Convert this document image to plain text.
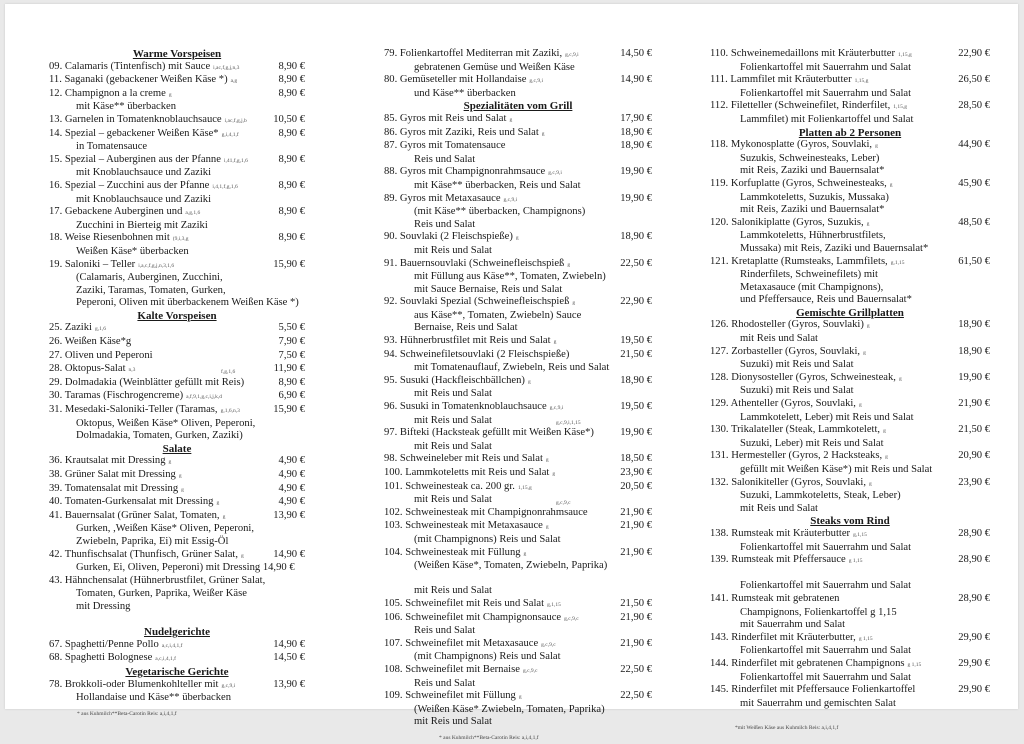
Warme Vorspeisen
09. Calamaris (Tintenfisch) mit Sauce i,ac,f,g,j,n,3	8,90 €
11. Saganaki (gebackener Weißen Käse *) a,g	8,90 €
12. Champignon a la creme g	8,90 €
mit Käse** überbacken
13. Garnelen in Tomatenknoblauchsauce i,ac,f,g,j,b 10,50 €
14. Spezial – gebackener Weißen Käse* g,i,4,1,f	8,90 €
in Tomatensauce
15. Spezial – Auberginen aus der Pfanne i,41,f,g,1,6	8,90 €
mit Knoblauchsauce und Zaziki
16. Spezial – Zucchini aus der Pfanne i,4,1,f,g,1,6	8,90 €
mit Knoblauchsauce und Zaziki
17. Gebackene Auberginen und a,g,1,6	8,90 €
Zucchini in Bierteig mit Zaziki
18. Weise Riesenbohnen mit (9,i,3,g	8,90 €
Weißen Käse* überbacken
19. Saloniki – Teller i,a,c,f,g,j,n,3,1,6	15,90 €
(Calamaris, Auberginen, Zucchini,
Zaziki, Taramas, Tomaten, Gurken,
Peperoni, Oliven mit überbackenem Weißen Käse *)
Kalte Vorspeisen
25. Zaziki g,1,6	5,50 €
26. Weißen Käse*g	7,90 €
27. Oliven und Peperoni	7,50 €
28. Oktopus-Salat n,3	11,90 €
f,g,1,6
29. Dolmadakia (Weinblätter gefüllt mit Reis)	8,90 €
30. Taramas (Fischrogencreme) a,f,9,1,g,c,i,j,k,d	6,90 €
31. Mesedaki-Saloniki-Teller (Taramas, g,1,6,n,3	15,90 €
Oktopus, Weißen Käse* Oliven, Peperoni,
Dolmadakia, Tomaten, Gurken, Zaziki)
Salate
36. Krautsalat mit Dressing g	4,90 €
38. Grüner Salat mit Dressing g	4,90 €
39. Tomatensalat mit Dressing g	4,90 €
40. Tomaten-Gurkensalat mit Dressing g	4,90 €
41. Bauernsalat (Grüner Salat, Tomaten, g	13,90 €
Gurken, ,Weißen Käse* Oliven, Peperoni,
Zwiebeln, Paprika, Ei) mit Essig-Öl
42. Thunfischsalat (Thunfisch, Grüner Salat, g	14,90 €
Gurken, Ei, Oliven, Peperoni) mit Dressing 14,90 €
43. Hähnchensalat (Hühnerbrustfilet, Grüner Salat,
Tomaten, Gurken, Paprika, Weißer Käse
mit Dressing
Nudelgerichte
67. Spaghetti/Penne Pollo a,c,i,4,1,f	14,90 €
68. Spaghetti Bolognese a,c,i,4,1,f	14,50 €
Vegetarische Gerichte
78. Brokkoli-oder Blumenkohlteller mit g,c,9,i	13,90 €
Hollandaise und Käse** überbacken
* aus Kuhmilch**Beta-Carotin Reis: a,i,4,1,f
79. Folienkartoffel Mediterran mit Zaziki, g,c,9,i	14,50 €
gebratenen Gemüse und Weißen Käse
80. Gemüseteller mit Hollandaise g,c,9,i	14,90 €
und Käse** überbacken
Spezialitäten vom Grill
85. Gyros mit Reis und Salat g	17,90 €
86. Gyros mit Zaziki, Reis und Salat g	18,90 €
87. Gyros mit Tomatensauce	18,90 €
Reis und Salat
88. Gyros mit Champignonrahmsauce g,c,9,i	19,90 €
mit Käse** überbacken, Reis und Salat
89. Gyros mit Metaxasauce g,c,9,i	19,90 €
(mit Käse** überbacken, Champignons)
Reis und Salat
90. Souvlaki (2 Fleischspieße) g	18,90 €
mit Reis und Salat
91. Bauernsouvlaki (Schweinefleischspieß g	22,50 €
mit Füllung aus Käse**, Tomaten, Zwiebeln)
mit Sauce Bernaise, Reis und Salat
92. Souvlaki Spezial (Schweinefleischspieß g	22,90 €
aus Käse**, Tomaten, Zwiebeln) Sauce
Bernaise, Reis und Salat
93. Hühnerbrustfilet mit Reis und Salat g	19,50 €
94. Schweinefiletsouvlaki (2 Fleischspieße)	21,50 €
mit Tomatenauflauf, Zwiebeln, Reis und Salat
95. Susuki (Hackfleischbällchen) g	18,90 €
mit Reis und Salat
96. Susuki in Tomatenknoblauchsauce g,c,9,i	19,50 €
mit Reis und Salat	g,c,9,i,1,15
97. Bifteki (Hacksteak gefüllt mit Weißen Käse*) 19,90 €
mit Reis und Salat
98. Schweineleber mit Reis und Salat g	18,50 €
100. Lammkoteletts mit Reis und Salat g	23,90 €
101. Schweinesteak ca. 200 gr. 1,15,g	20,50 €
mit Reis und Salat	g,c,9,c
102. Schweinesteak mit Champignonrahmsauce	21,90 €
103. Schweinesteak mit Metaxasauce g	21,90 €
(mit Champignons) Reis und Salat
104. Schweinesteak mit Füllung g	21,90 €
(Weißen Käse*, Tomaten, Zwiebeln, Paprika)
mit Reis und Salat
105. Schweinefilet mit Reis und Salat g,1,15	21,50 €
106. Schweinefilet mit Champignonsauce g,c,9,c	21,90 €
Reis und Salat
107. Schweinefilet mit Metaxasauce g,c,9,c	21,90 €
(mit Champignons) Reis und Salat
108. Schweinefilet mit Bernaise g,c,9,c	22,50 €
Reis und Salat
109. Schweinefilet mit Füllung g	22,50 €
(Weißen Käse* Zwiebeln, Tomaten, Paprika)
mit Reis und Salat
* aus Kuhmilch**Beta-Carotin Reis: a,i,4,1,f
110. Schweinemedaillons mit Kräuterbutter 1,15,g	22,90 €
Folienkartoffel mit Sauerrahm und Salat
111. Lammfilet mit Kräuterbutter 1,15,g	26,50 €
Folienkartoffel mit Sauerrahm und Salat
112. Filetteller (Schweinefilet, Rinderfilet, 1,15,g	28,50 €
Lammfilet) mit Folienkartoffel und Salat
Platten ab 2 Personen
118. Mykonosplatte (Gyros, Souvlaki, g	44,90 €
Suzukis, Schweinesteaks, Leber)
mit Reis, Zaziki und Bauernsalat*
119. Korfuplatte (Gyros, Schweinesteaks, g	45,90 €
Lammkoteletts, Suzukis, Mussaka)
mit Reis, Zaziki und Bauernsalat*
120. Salonikiplatte (Gyros, Suzukis, g	48,50 €
Lammkoteletts, Hühnerbrustfilets,
Mussaka) mit Reis, Zaziki und Bauernsalat*
121. Kretaplatte (Rumsteaks, Lammfilets, g,1,15	61,50 €
Rinderfilets, Schweinefilets) mit
Metaxasauce (mit Champignons),
und Pfeffersauce, Reis und Bauernsalat*
Gemischte Grillplatten
126. Rhodosteller (Gyros, Souvlaki) g	18,90 €
mit Reis und Salat
127. Zorbasteller (Gyros, Souvlaki, g	18,90 €
Suzuki) mit Reis und Salat
128. Dionysosteller (Gyros, Schweinesteak, g	19,90 €
Suzuki) mit Reis und Salat
129. Athenteller (Gyros, Souvlaki, g	21,90 €
Lammkotelett, Leber) mit Reis und Salat
130. Trikalateller (Steak, Lammkotelett, g	21,50 €
Suzuki, Leber) mit Reis und Salat
131. Hermesteller (Gyros, 2 Hacksteaks, g	20,90 €
gefüllt mit Weißen Käse*) mit Reis und Salat
132. Salonikiteller (Gyros, Souvlaki, g	23,90 €
Suzuki, Lammkoteletts, Steak, Leber)
mit Reis und Salat
Steaks vom Rind
138. Rumsteak mit Kräuterbutter g,1,15	28,90 €
Folienkartoffel mit Sauerrahm und Salat
139. Rumsteak mit Pfeffersauce g 1,15	28,90 €
Folienkartoffel mit Sauerrahm und Salat
141. Rumsteak mit gebratenen	28,90 €
Champignons, Folienkartoffel g 1,15
mit Sauerrahm und Salat
143. Rinderfilet mit Kräuterbutter, g 1,15	29,90 €
Folienkartoffel mit Sauerrahm und Salat
144. Rinderfilet mit gebratenen Champignons g 1,15	29,90 €
Folienkartoffel mit Sauerrahm und Salat
145. Rinderfilet mit Pfeffersauce Folienkartoffel	29,90 €
mit Sauerrahm und gemischten Salat
*mit Weißen Käse aus Kuhmilch Reis: a,i,4,1,f
